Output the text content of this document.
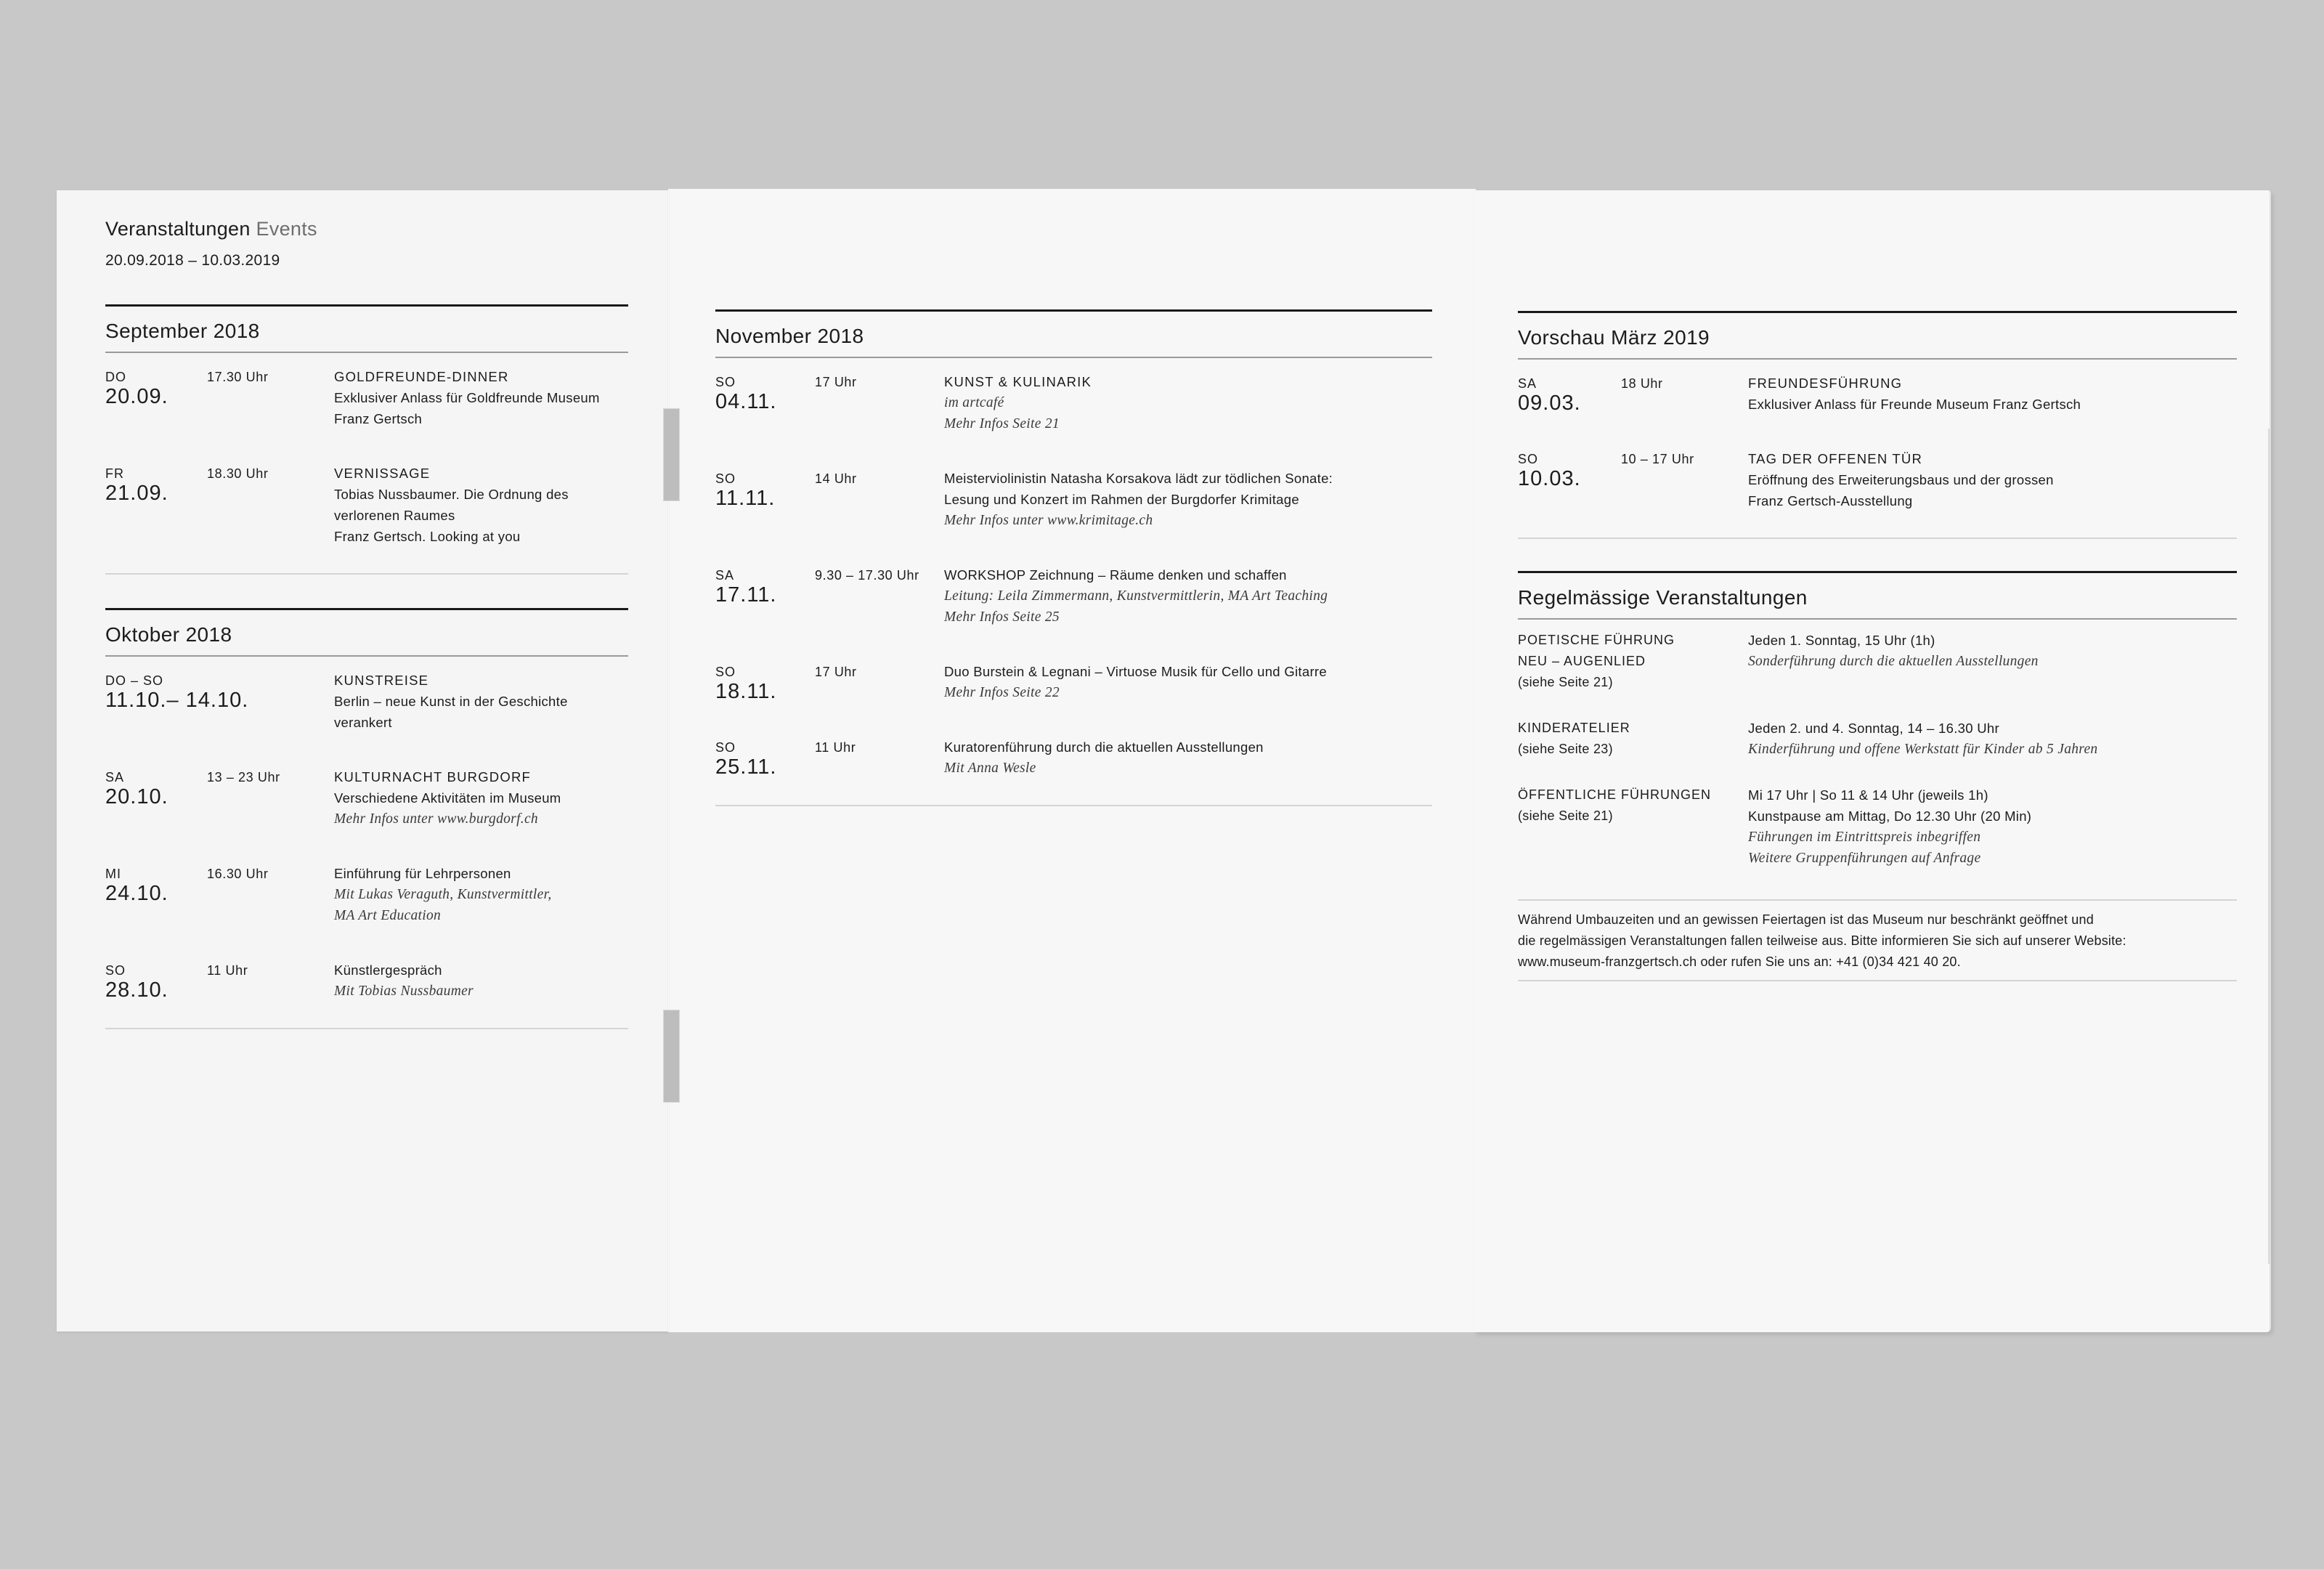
Veranstaltungen Events
20.09.2018 – 10.03.2019
September 2018
DO
20.09.
17.30 Uhr	GOLDFREUNDE-DINNER
Exklusiver Anlass für Goldfreunde Museum
Franz Gertsch
FR
21.09.
18.30 Uhr	VERNISSAGE
Tobias Nussbaumer. Die Ordnung des
verlorenen Raumes
Franz Gertsch. Looking at you
Oktober 2018
DO – SO
11.10.– 14.10.
KUNSTREISE
Berlin – neue Kunst in der Geschichte
verankert
SA
20.10.
13 – 23 Uhr	KULTURNACHT BURGDORF
Verschiedene Aktivitäten im Museum
Mehr Infos unter www.burgdorf.ch
MI
24.10.
16.30 Uhr	Einführung für Lehrpersonen
Mit Lukas Veraguth, Kunstvermittler,
MA Art Education
SO
28.10.
11 Uhr	Künstlergespräch
Mit Tobias Nussbaumer
November 2018
SO
04.11.
17 Uhr	KUNST & KULINARIK
im artcafé
Mehr Infos Seite 21
SO
11.11.
14 Uhr	Meisterviolinistin Natasha Korsakova lädt zur tödlichen Sonate:
Lesung und Konzert im Rahmen der Burgdorfer Krimitage
Mehr Infos unter www.krimitage.ch
SA
17.11.
9.30 – 17.30 Uhr WORKSHOP Zeichnung – Räume denken und schaffen
Leitung: Leila Zimmermann, Kunstvermittlerin, MA Art Teaching
Mehr Infos Seite 25
SO
18.11.
17 Uhr	Duo Burstein & Legnani – Virtuose Musik für Cello und Gitarre
Mehr Infos Seite 22
SO
25.11.
11 Uhr	Kuratorenführung durch die aktuellen Ausstellungen
Mit Anna Wesle
Vorschau März 2019
SA
09.03.
18 Uhr	FREUNDESFÜHRUNG
Exklusiver Anlass für Freunde Museum Franz Gertsch
SO
10.03.
10 – 17 Uhr	TAG DER OFFENEN TÜR
Eröffnung des Erweiterungsbaus und der grossen
Franz Gertsch-Ausstellung
Regelmässige Veranstaltungen
POETISCHE FÜHRUNG
NEU – AUGENLIED
(siehe Seite 21)
Jeden 1. Sonntag, 15 Uhr (1h)
Sonderführung durch die aktuellen Ausstellungen
KINDERATELIER
(siehe Seite 23)
Jeden 2. und 4. Sonntag, 14 – 16.30 Uhr
Kinderführung und offene Werkstatt für Kinder ab 5 Jahren
ÖFFENTLICHE FÜHRUNGEN
(siehe Seite 21)
Mi 17 Uhr | So 11 & 14 Uhr (jeweils 1h)
Kunstpause am Mittag, Do 12.30 Uhr (20 Min)
Führungen im Eintrittspreis inbegriffen
Weitere Gruppenführungen auf Anfrage
Während Umbauzeiten und an gewissen Feiertagen ist das Museum nur beschränkt geöffnet und
die regelmässigen Veranstaltungen fallen teilweise aus. Bitte informieren Sie sich auf unserer Website:
www.museum-franzgertsch.ch oder rufen Sie uns an: +41 (0)34 421 40 20.
